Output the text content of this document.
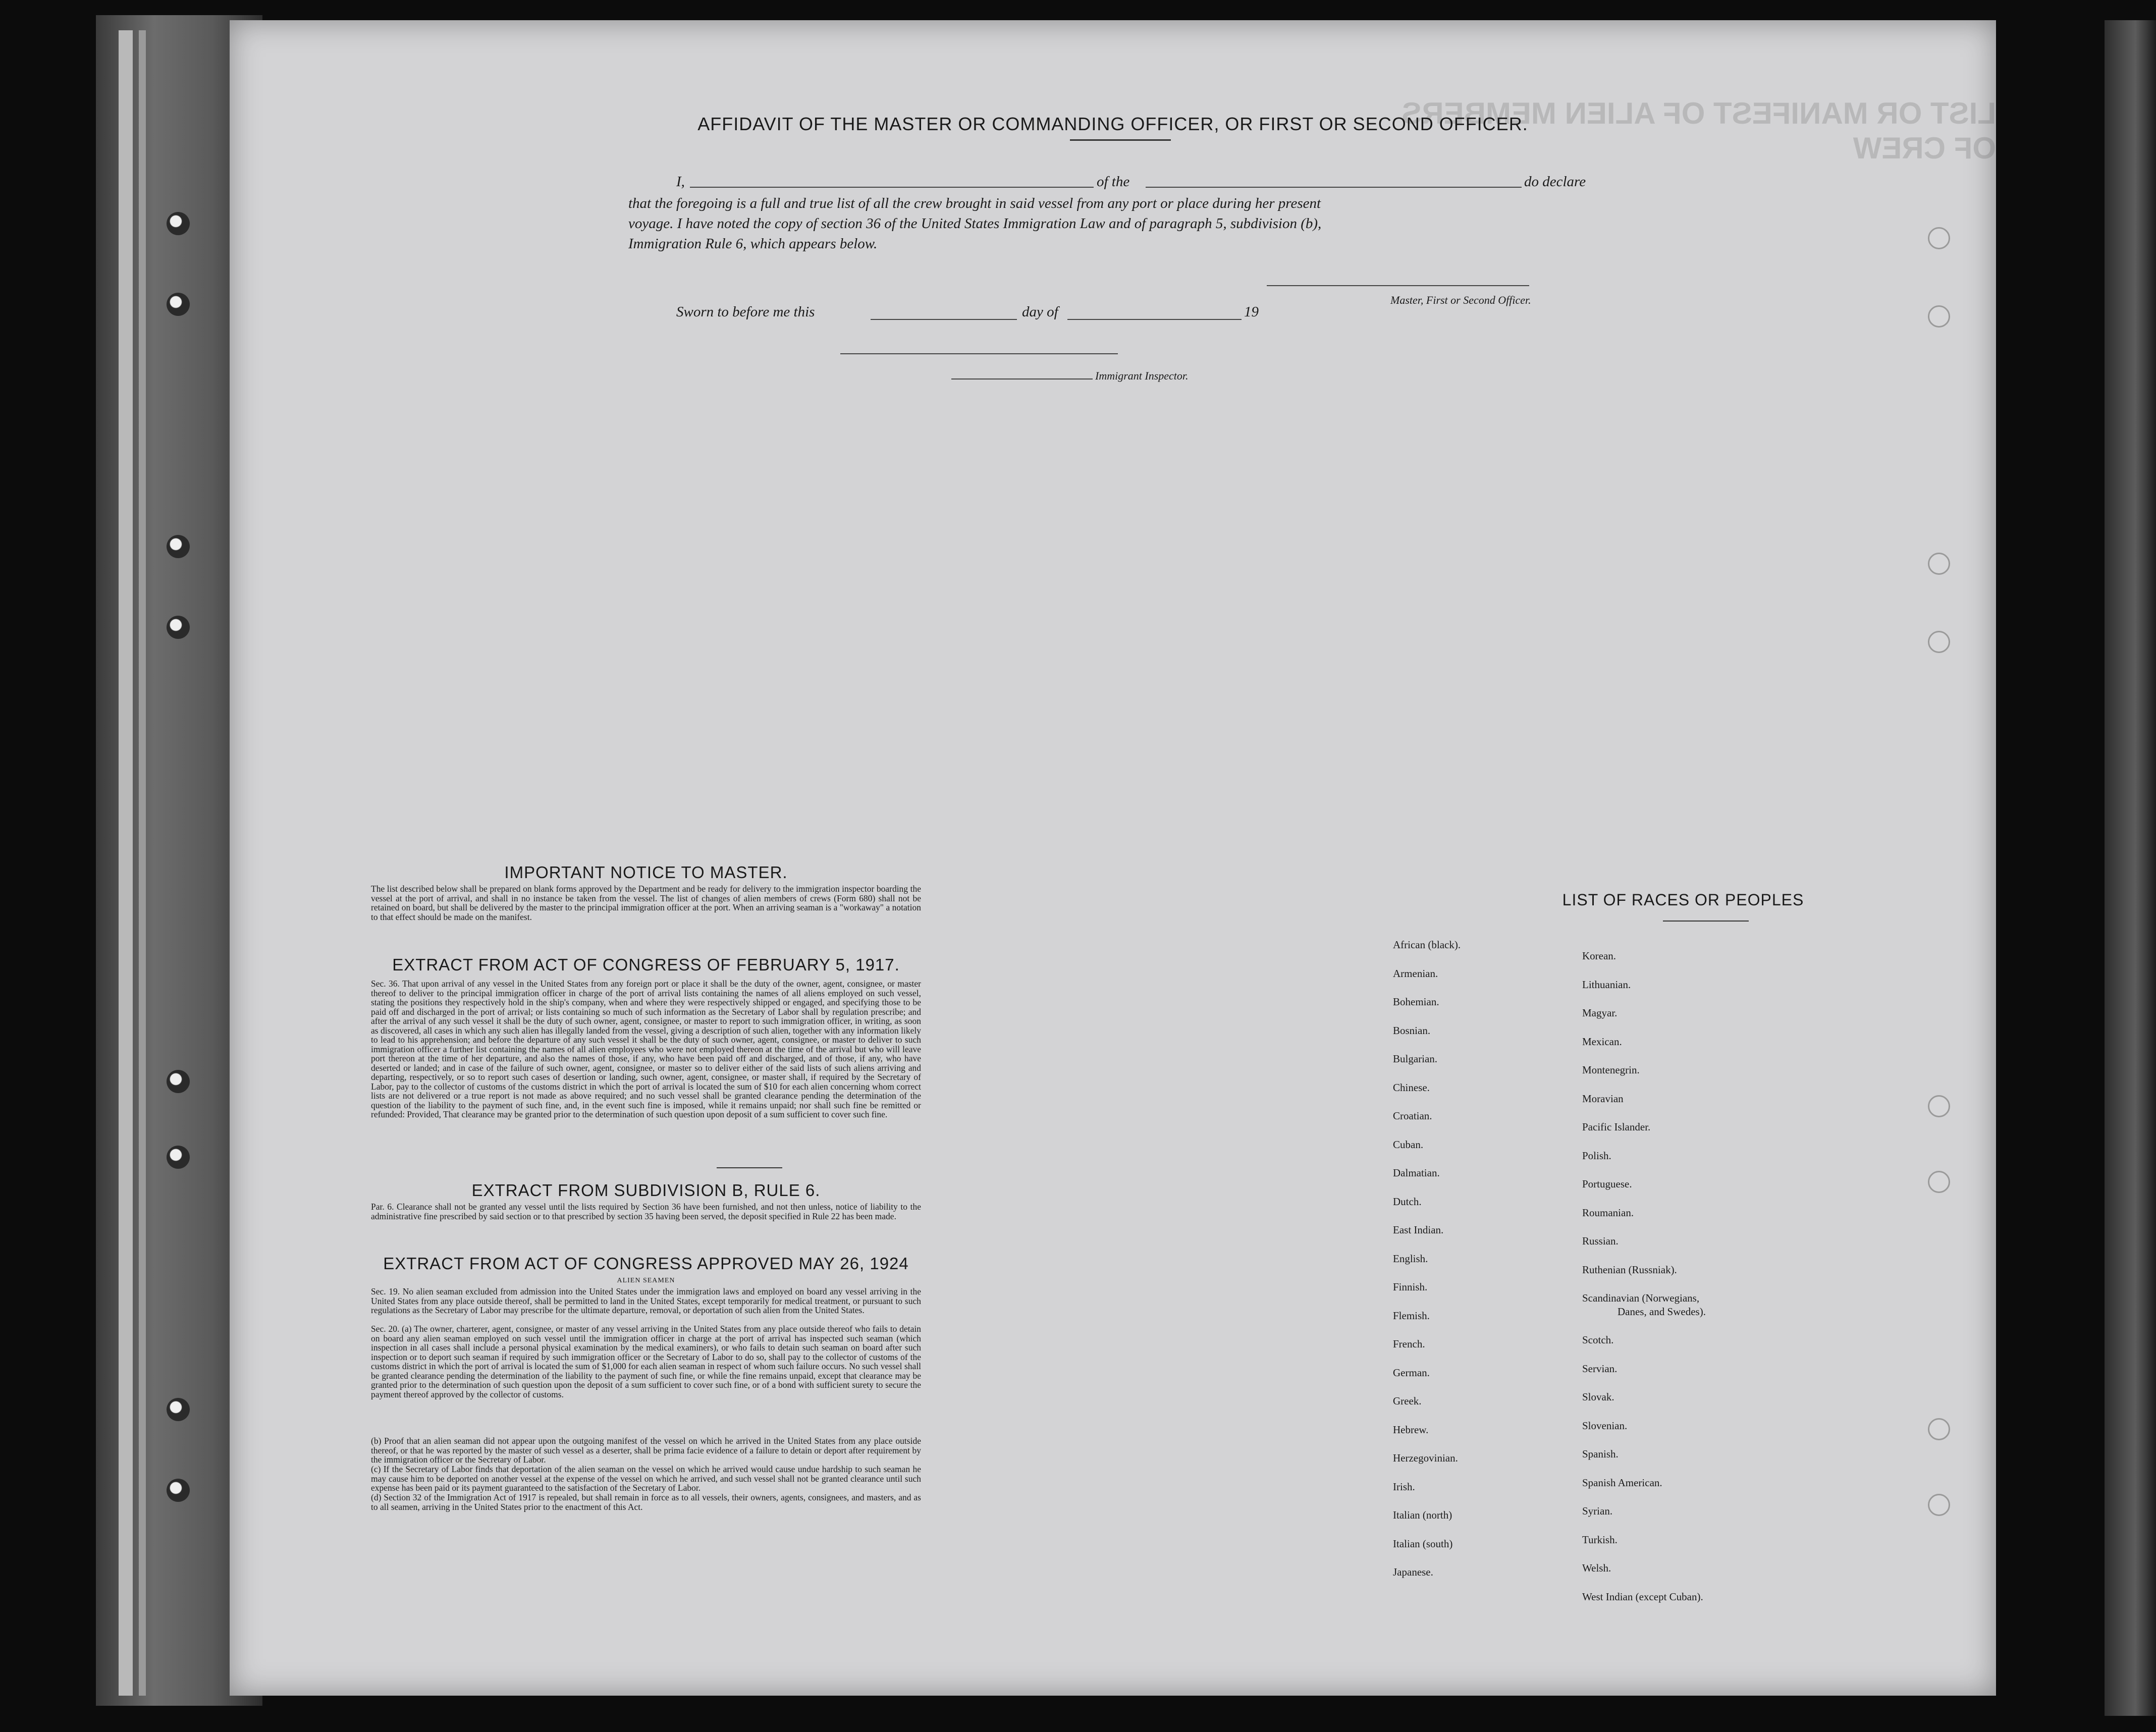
LIST OR MANIFEST OF ALIEN MEMBERS OF CREW
AFFIDAVIT OF THE MASTER OR COMMANDING OFFICER, OR FIRST OR SECOND OFFICER.
I,	of the	do declare
that the foregoing is a full and true list of all the crew brought in said vessel from any port or place during her present
voyage. I have noted the copy of section 36 of the United States Immigration Law and of paragraph 5, subdivision (b),
Immigration Rule 6, which appears below.
Master, First or Second Officer.
Sworn to before me this	day of	19
Immigrant Inspector.
IMPORTANT NOTICE TO MASTER.
The list described below shall be prepared on blank forms approved by the Department and be ready for delivery to the immigration inspector boarding the vessel at the port of arrival, and shall in no instance be taken from the vessel. The list of changes of alien members of crews (Form 680) shall not be retained on board, but shall be delivered by the master to the principal immigration officer at the port. When an arriving seaman is a "workaway" a notation to that effect should be made on the manifest.
EXTRACT FROM ACT OF CONGRESS OF FEBRUARY 5, 1917.
Sec. 36. That upon arrival of any vessel in the United States from any foreign port or place it shall be the duty of the owner, agent, consignee, or master thereof to deliver to the principal immigration officer in charge of the port of arrival lists containing the names of all aliens employed on such vessel, stating the positions they respectively hold in the ship's company, when and where they were respectively shipped or engaged, and specifying those to be paid off and discharged in the port of arrival; or lists containing so much of such information as the Secretary of Labor shall by regulation prescribe; and after the arrival of any such vessel it shall be the duty of such owner, agent, consignee, or master to report to such immigration officer, in writing, as soon as discovered, all cases in which any such alien has illegally landed from the vessel, giving a description of such alien, together with any information likely to lead to his apprehension; and before the departure of any such vessel it shall be the duty of such owner, agent, consignee, or master to deliver to such immigration officer a further list containing the names of all alien employees who were not employed thereon at the time of the arrival but who will leave port thereon at the time of her departure, and also the names of those, if any, who have been paid off and discharged, and of those, if any, who have deserted or landed; and in case of the failure of such owner, agent, consignee, or master so to deliver either of the said lists of such aliens arriving and departing, respectively, or so to report such cases of desertion or landing, such owner, agent, consignee, or master shall, if required by the Secretary of Labor, pay to the collector of customs of the customs district in which the port of arrival is located the sum of $10 for each alien concerning whom correct lists are not delivered or a true report is not made as above required; and no such vessel shall be granted clearance pending the determination of the question of the liability to the payment of such fine, and, in the event such fine is imposed, while it remains unpaid; nor shall such fine be remitted or refunded: Provided, That clearance may be granted prior to the determination of such question upon deposit of a sum sufficient to cover such fine.
EXTRACT FROM SUBDIVISION B, RULE 6.
Par. 6. Clearance shall not be granted any vessel until the lists required by Section 36 have been furnished, and not then unless, notice of liability to the administrative fine prescribed by said section or to that prescribed by section 35 having been served, the deposit specified in Rule 22 has been made.
EXTRACT FROM ACT OF CONGRESS APPROVED MAY 26, 1924
ALIEN SEAMEN
Sec. 19. No alien seaman excluded from admission into the United States under the immigration laws and employed on board any vessel arriving in the United States from any place outside thereof, shall be permitted to land in the United States, except temporarily for medical treatment, or pursuant to such regulations as the Secretary of Labor may prescribe for the ultimate departure, removal, or deportation of such alien from the United States.
Sec. 20. (a) The owner, charterer, agent, consignee, or master of any vessel arriving in the United States from any place outside thereof who fails to detain on board any alien seaman employed on such vessel until the immigration officer in charge at the port of arrival has inspected such seaman (which inspection in all cases shall include a personal physical examination by the medical examiners), or who fails to detain such seaman on board after such inspection or to deport such seaman if required by such immigration officer or the Secretary of Labor to do so, shall pay to the collector of customs of the customs district in which the port of arrival is located the sum of $1,000 for each alien seaman in respect of whom such failure occurs. No such vessel shall be granted clearance pending the determination of the liability to the payment of such fine, or while the fine remains unpaid, except that clearance may be granted prior to the determination of such question upon the deposit of a sum sufficient to cover such fine, or of a bond with sufficient surety to secure the payment thereof approved by the collector of customs.
(b) Proof that an alien seaman did not appear upon the outgoing manifest of the vessel on which he arrived in the United States from any place outside thereof, or that he was reported by the master of such vessel as a deserter, shall be prima facie evidence of a failure to detain or deport after requirement by the immigration officer or the Secretary of Labor.
(c) If the Secretary of Labor finds that deportation of the alien seaman on the vessel on which he arrived would cause undue hardship to such seaman he may cause him to be deported on another vessel at the expense of the vessel on which he arrived, and such vessel shall not be granted clearance until such expense has been paid or its payment guaranteed to the satisfaction of the Secretary of Labor.
(d) Section 32 of the Immigration Act of 1917 is repealed, but shall remain in force as to all vessels, their owners, agents, consignees, and masters, and as to all seamen, arriving in the United States prior to the enactment of this Act.
LIST OF RACES OR PEOPLES
African (black).
Armenian.
Bohemian.
Bosnian.
Bulgarian.
Chinese.
Croatian.
Cuban.
Dalmatian.
Dutch.
East Indian.
English.
Finnish.
Flemish.
French.
German.
Greek.
Hebrew.
Herzegovinian.
Irish.
Italian (north)
Italian (south)
Japanese.
Korean.
Lithuanian.
Magyar.
Mexican.
Montenegrin.
Moravian
Pacific Islander.
Polish.
Portuguese.
Roumanian.
Russian.
Ruthenian (Russniak).
Scandinavian (Norwegians,
Danes, and Swedes).
Scotch.
Servian.
Slovak.
Slovenian.
Spanish.
Spanish American.
Syrian.
Turkish.
Welsh.
West Indian (except Cuban).
